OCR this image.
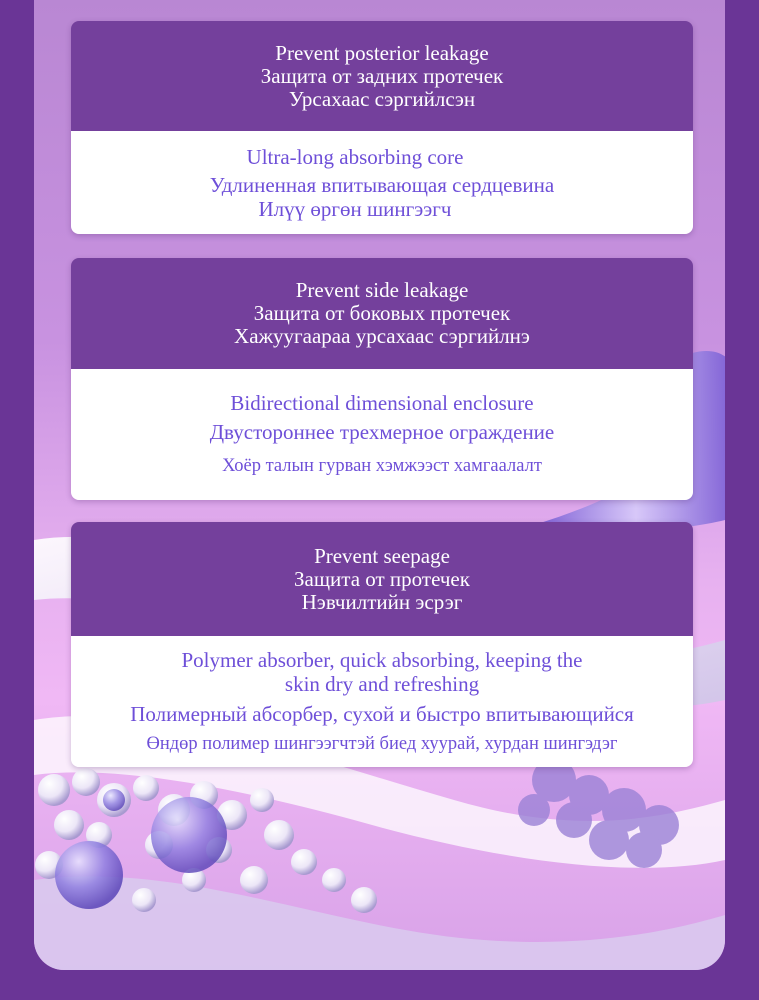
Prevent posterior leakage
Защита от задних протечек
Урсахаас сэргийлсэн
Ultra-long absorbing core
Удлиненная впитывающая сердцевина
Илүү өргөн шингээгч
Prevent side leakage
Защита от боковых протечек
Хажуугаараа урсахаас сэргийлнэ
Bidirectional dimensional enclosure
Двустороннее трехмерное ограждение
Хоёр талын гурван хэмжээст хамгаалалт
Prevent seepage
Защита от протечек
Нэвчилтийн эсрэг
Polymer absorber, quick absorbing, keeping the
skin dry and refreshing
Полимерный абсорбер, сухой и быстро впитывающийся
Өндөр полимер шингээгчтэй биед хуурай, хурдан шингэдэг
